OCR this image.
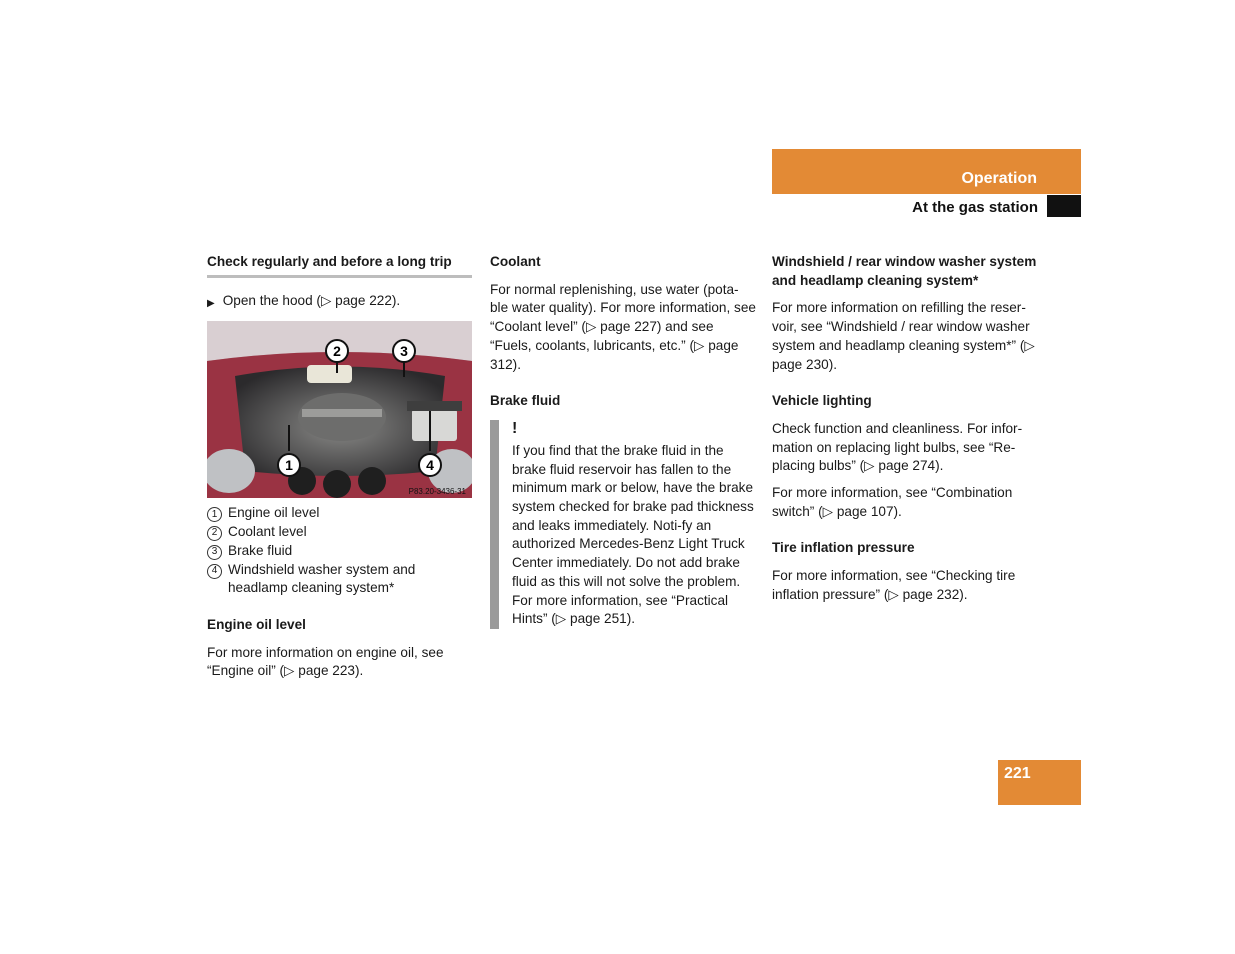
Operation
At the gas station
Check regularly and before a long trip
▶ Open the hood (▷ page 222).
2	3
1	4
P83.20-3436-31
1 Engine oil level
2 Coolant level
3 Brake fluid
4 Windshield washer system and headlamp cleaning system*
Engine oil level

For more information on engine oil, see “Engine oil” (▷ page 223).

Coolant

For normal replenishing, use water (pota-ble water quality). For more information, see “Coolant level” (▷ page 227) and see “Fuels, coolants, lubricants, etc.” (▷ page 312).

Brake fluid
!

If you find that the brake fluid in the brake fluid reservoir has fallen to the minimum mark or below, have the brake system checked for brake pad thickness and leaks immediately. Noti-fy an authorized Mercedes-Benz Light Truck Center immediately. Do not add brake fluid as this will not solve the problem. For more information, see “Practical Hints” (▷ page 251).

Windshield / rear window washer system and headlamp cleaning system*

For more information on refilling the reser-voir, see “Windshield / rear window washer system and headlamp cleaning system*” (▷ page 230).

Vehicle lighting

Check function and cleanliness. For infor-mation on replacing light bulbs, see “Re-placing bulbs” (▷ page 274).

For more information, see “Combination switch” (▷ page 107).

Tire inflation pressure

For more information, see “Checking tire inflation pressure” (▷ page 232).

221
